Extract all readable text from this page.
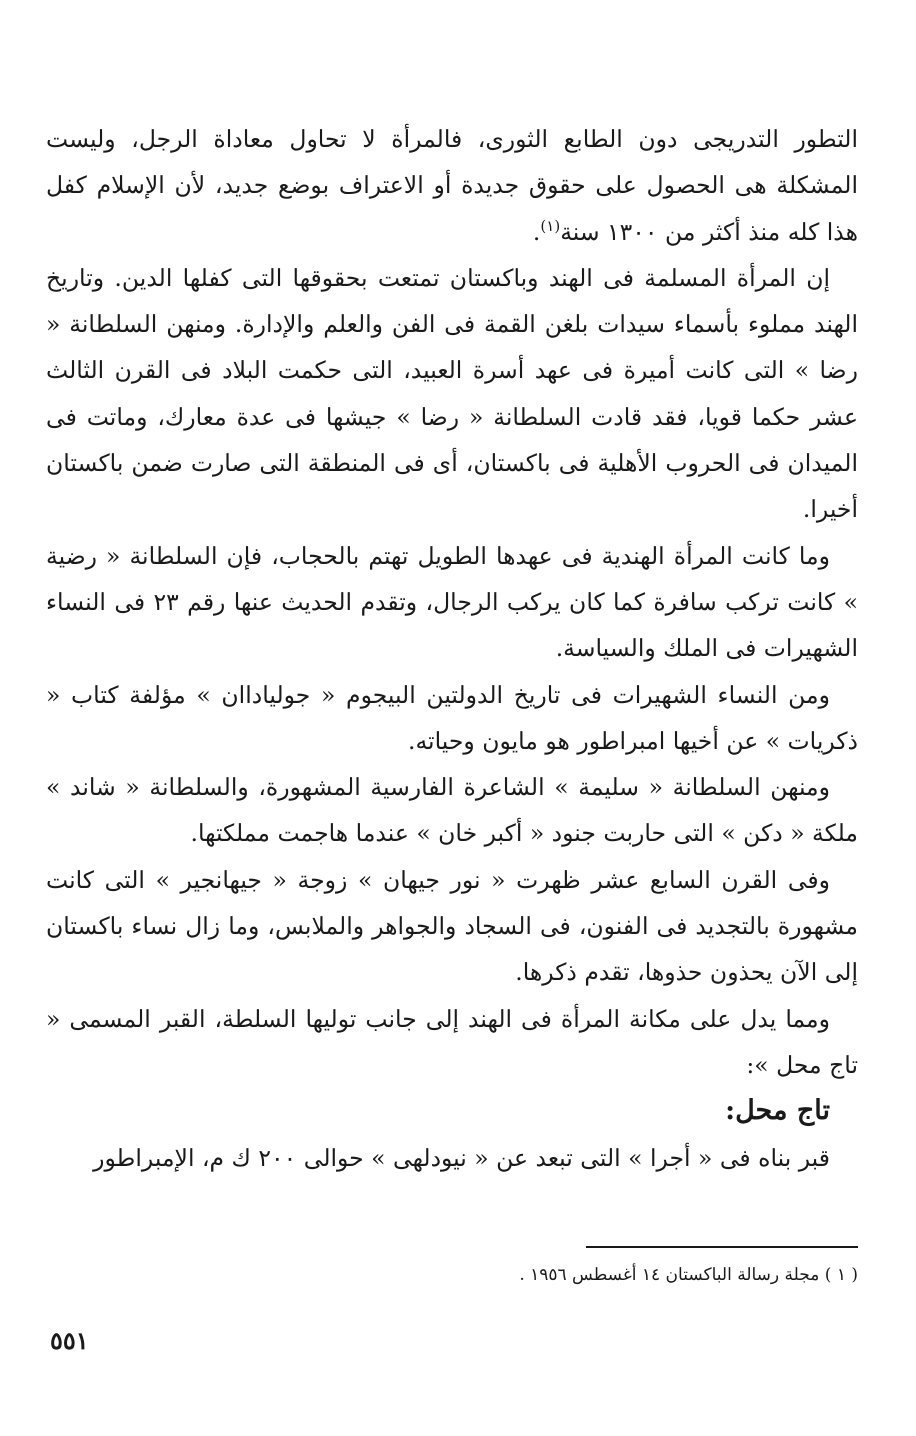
التطور التدريجى دون الطابع الثورى، فالمرأة لا تحاول معاداة الرجل، وليست المشكلة هى الحصول على حقوق جديدة أو الاعتراف بوضع جديد، لأن الإسلام كفل هذا كله منذ أكثر من ١٣٠٠ سنة$^{(١)}$.

إن المرأة المسلمة فى الهند وباكستان تمتعت بحقوقها التى كفلها الدين. وتاريخ الهند مملوء بأسماء سيدات بلغن القمة فى الفن والعلم والإدارة. ومنهن السلطانة « رضا » التى كانت أميرة فى عهد أسرة العبيد، التى حكمت البلاد فى القرن الثالث عشر حكما قويا، فقد قادت السلطانة « رضا » جيشها فى عدة معارك، وماتت فى الميدان فى الحروب الأهلية فى باكستان، أى فى المنطقة التى صارت ضمن باكستان أخيرا.

وما كانت المرأة الهندية فى عهدها الطويل تهتم بالحجاب، فإن السلطانة « رضية » كانت تركب سافرة كما كان يركب الرجال، وتقدم الحديث عنها رقم ٢٣ فى النساء الشهيرات فى الملك والسياسة.

ومن النساء الشهيرات فى تاريخ الدولتين البيجوم « جولياداان » مؤلفة كتاب « ذكريات » عن أخيها امبراطور هو مايون وحياته.

ومنهن السلطانة « سليمة » الشاعرة الفارسية المشهورة، والسلطانة « شاند » ملكة « دكن » التى حاربت جنود « أكبر خان » عندما هاجمت مملكتها.

وفى القرن السابع عشر ظهرت « نور جيهان » زوجة « جيهانجير » التى كانت مشهورة بالتجديد فى الفنون، فى السجاد والجواهر والملابس، وما زال نساء باكستان إلى الآن يحذون حذوها، تقدم ذكرها.

ومما يدل على مكانة المرأة فى الهند إلى جانب توليها السلطة، القبر المسمى « تاج محل »:

تاج محل:

قبر بناه فى « أجرا » التى تبعد عن « نيودلهى » حوالى ٢٠٠ ك م، الإمبراطور

( ١ ) مجلة رسالة الباكستان ١٤ أغسطس ١٩٥٦ .
٥٥١
